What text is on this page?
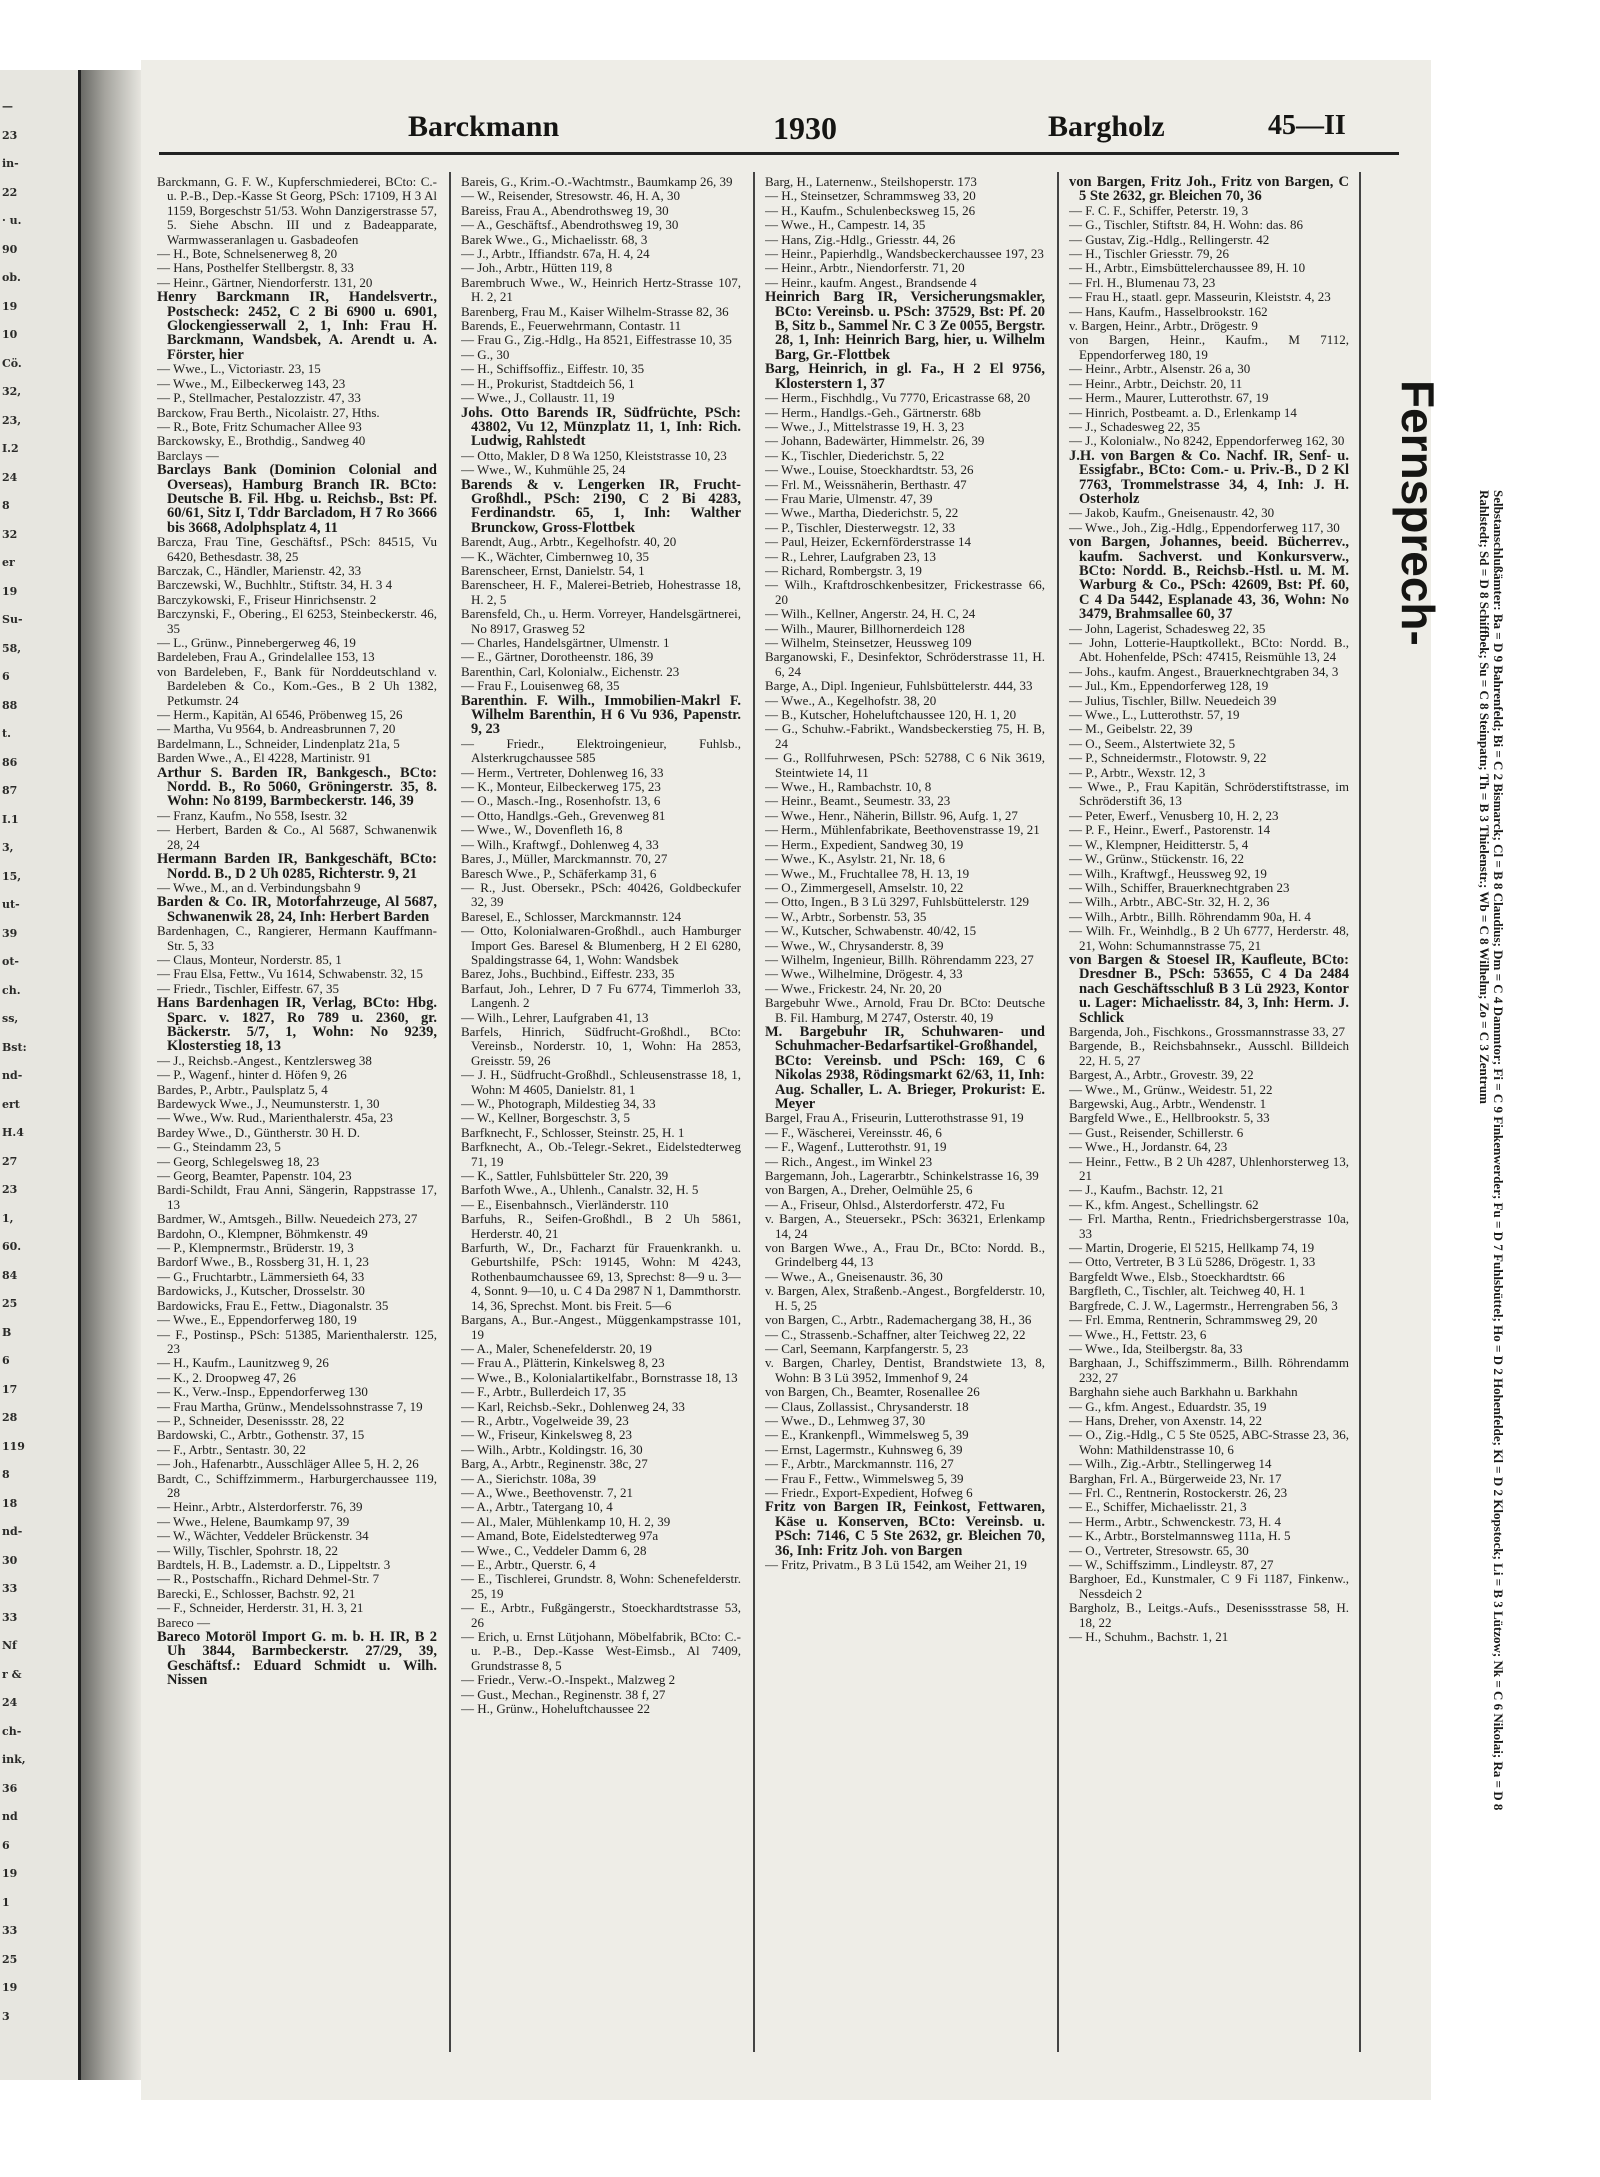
—
23
in-
22
· u.
90
ob.
19
10
Cö.
32,
23,
I.2
24
8
32
er
19
Su-
58,
6
88
t.
86
87
I.1
3,
15,
ut-
39
ot-
ch.
ss,
Bst:
nd-
ert
H.4
27
23
1,
60.
84
25
B
6
17
28
119
8
18
nd-
30
33
33
Nf
r &
24
ch-
ink,
36
nd
6
19
1
33
25
19
3
Barckmann	1930	Bargholz	45—II

Barckmann, G. F. W., Kupferschmiederei, BCto: C.- u. P.-B., Dep.-Kasse St Georg, PSch: 17109, H 3 Al 1159, Borgeschstr 51/53. Wohn Danzigerstrasse 57, 5. Siehe Abschn. III und z Badeapparate, Warmwasseranlagen u. Gasbadeofen

— H., Bote, Schnelsenerweg 8, 20

— Hans, Posthelfer Stellbergstr. 8, 33

— Heinr., Gärtner, Niendorferstr. 131, 20

Henry Barckmann IR, Handelsvertr., Postscheck: 2452, C 2 Bi 6900 u. 6901, Glockengiesserwall 2, 1, Inh: Frau H. Barckmann, Wandsbek, A. Arendt u. A. Förster, hier

— Wwe., L., Victoriastr. 23, 15

— Wwe., M., Eilbeckerweg 143, 23

— P., Stellmacher, Pestalozzistr. 47, 33

Barckow, Frau Berth., Nicolaistr. 27, Hths.

— R., Bote, Fritz Schumacher Allee 93

Barckowsky, E., Brothdig., Sandweg 40

Barclays —

Barclays Bank (Dominion Colonial and Overseas), Hamburg Branch IR. BCto: Deutsche B. Fil. Hbg. u. Reichsb., Bst: Pf. 60/61, Sitz I, Tddr Barcladom, H 7 Ro 3666 bis 3668, Adolphsplatz 4, 11

Barcza, Frau Tine, Geschäftsf., PSch: 84515, Vu 6420, Bethesdastr. 38, 25

Barczak, C., Händler, Marienstr. 42, 33

Barczewski, W., Buchhltr., Stiftstr. 34, H. 3 4

Barczykowski, F., Friseur Hinrichsenstr. 2

Barczynski, F., Obering., El 6253, Steinbeckerstr. 46, 35

— L., Grünw., Pinnebergerweg 46, 19

Bardeleben, Frau A., Grindelallee 153, 13

von Bardeleben, F., Bank für Norddeutschland v. Bardeleben & Co., Kom.-Ges., B 2 Uh 1382, Petkumstr. 24

— Herm., Kapitän, Al 6546, Pröbenweg 15, 26

— Martha, Vu 9564, b. Andreasbrunnen 7, 20

Bardelmann, L., Schneider, Lindenplatz 21a, 5

Barden Wwe., A., El 4228, Martinistr. 91

Arthur S. Barden IR, Bankgesch., BCto: Nordd. B., Ro 5060, Gröningerstr. 35, 8. Wohn: No 8199, Barmbeckerstr. 146, 39

— Franz, Kaufm., No 558, Isestr. 32

— Herbert, Barden & Co., Al 5687, Schwanenwik 28, 24

Hermann Barden IR, Bankgeschäft, BCto: Nordd. B., D 2 Uh 0285, Richterstr. 9, 21

— Wwe., M., an d. Verbindungsbahn 9

Barden & Co. IR, Motorfahrzeuge, Al 5687, Schwanenwik 28, 24, Inh: Herbert Barden

Bardenhagen, C., Rangierer, Hermann Kauffmann-Str. 5, 33

— Claus, Monteur, Norderstr. 85, 1

— Frau Elsa, Fettw., Vu 1614, Schwabenstr. 32, 15

— Friedr., Tischler, Eiffestr. 67, 35

Hans Bardenhagen IR, Verlag, BCto: Hbg. Sparc. v. 1827, Ro 789 u. 2360, gr. Bäckerstr. 5/7, 1, Wohn: No 9239, Klosterstieg 18, 13

— J., Reichsb.-Angest., Kentzlersweg 38

— P., Wagenf., hinter d. Höfen 9, 26

Bardes, P., Arbtr., Paulsplatz 5, 4

Bardewyck Wwe., J., Neumunsterstr. 1, 30

— Wwe., Ww. Rud., Marienthalerstr. 45a, 23

Bardey Wwe., D., Güntherstr. 30 H. D.

— G., Steindamm 23, 5

— Georg, Schlegelsweg 18, 23

— Georg, Beamter, Papenstr. 104, 23

Bardi-Schildt, Frau Anni, Sängerin, Rappstrasse 17, 13

Bardmer, W., Amtsgeh., Billw. Neuedeich 273, 27

Bardohn, O., Klempner, Böhmkenstr. 49

— P., Klempnermstr., Brüderstr. 19, 3

Bardorf Wwe., B., Rossberg 31, H. 1, 23

— G., Fruchtarbtr., Lämmersieth 64, 33

Bardowicks, J., Kutscher, Drosselstr. 30

Bardowicks, Frau E., Fettw., Diagonalstr. 35

— Wwe., E., Eppendorferweg 180, 19

— F., Postinsp., PSch: 51385, Marienthalerstr. 125, 23

— H., Kaufm., Launitzweg 9, 26

— K., 2. Droopweg 47, 26

— K., Verw.-Insp., Eppendorferweg 130

— Frau Martha, Grünw., Mendelssohnstrasse 7, 19

— P., Schneider, Desenissstr. 28, 22

Bardowski, C., Arbtr., Gothenstr. 37, 15

— F., Arbtr., Sentastr. 30, 22

— Joh., Hafenarbtr., Ausschläger Allee 5, H. 2, 26

Bardt, C., Schiffzimmerm., Harburgerchaussee 119, 28

— Heinr., Arbtr., Alsterdorferstr. 76, 39

— Wwe., Helene, Baumkamp 97, 39

— W., Wächter, Veddeler Brückenstr. 34

— Willy, Tischler, Spohrstr. 18, 22

Bardtels, H. B., Lademstr. a. D., Lippeltstr. 3

— R., Postschaffn., Richard Dehmel-Str. 7

Barecki, E., Schlosser, Bachstr. 92, 21

— F., Schneider, Herderstr. 31, H. 3, 21

Bareco —

Bareco Motoröl Import G. m. b. H. IR, B 2 Uh 3844, Barmbeckerstr. 27/29, 39, Geschäftsf.: Eduard Schmidt u. Wilh. Nissen

Bareis, G., Krim.-O.-Wachtmstr., Baumkamp 26, 39

— W., Reisender, Stresowstr. 46, H. A, 30

Bareiss, Frau A., Abendrothsweg 19, 30

— A., Geschäftsf., Abendrothsweg 19, 30

Barek Wwe., G., Michaelisstr. 68, 3

— J., Arbtr., Iffiandstr. 67a, H. 4, 24

— Joh., Arbtr., Hütten 119, 8

Barembruch Wwe., W., Heinrich Hertz-Strasse 107, H. 2, 21

Barenberg, Frau M., Kaiser Wilhelm-Strasse 82, 36

Barends, E., Feuerwehrmann, Contastr. 11

— Frau G., Zig.-Hdlg., Ha 8521, Eiffestrasse 10, 35

— G., 30

— H., Schiffsoffiz., Eiffestr. 10, 35

— H., Prokurist, Stadtdeich 56, 1

— Wwe., J., Collaustr. 11, 19

Johs. Otto Barends IR, Südfrüchte, PSch: 43802, Vu 12, Münzplatz 11, 1, Inh: Rich. Ludwig, Rahlstedt

— Otto, Makler, D 8 Wa 1250, Kleiststrasse 10, 23

— Wwe., W., Kuhmühle 25, 24

Barends & v. Lengerken IR, Frucht-Großhdl., PSch: 2190, C 2 Bi 4283, Ferdinandstr. 65, 1, Inh: Walther Brunckow, Gross-Flottbek

Barendt, Aug., Arbtr., Kegelhofstr. 40, 20

— K., Wächter, Cimbernweg 10, 35

Barenscheer, Ernst, Danielstr. 54, 1

Barenscheer, H. F., Malerei-Betrieb, Hohestrasse 18, H. 2, 5

Barensfeld, Ch., u. Herm. Vorreyer, Handelsgärtnerei, No 8917, Grasweg 52

— Charles, Handelsgärtner, Ulmenstr. 1

— E., Gärtner, Dorotheenstr. 186, 39

Barenthin, Carl, Kolonialw., Eichenstr. 23

— Frau F., Louisenweg 68, 35

Barenthin. F. Wilh., Immobilien-Makrl F. Wilhelm Barenthin, H 6 Vu 936, Papenstr. 9, 23

— Friedr., Elektroingenieur, Fuhlsb., Alsterkrugchaussee 585

— Herm., Vertreter, Dohlenweg 16, 33

— K., Monteur, Eilbeckerweg 175, 23

— O., Masch.-Ing., Rosenhofstr. 13, 6

— Otto, Handlgs.-Geh., Grevenweg 81

— Wwe., W., Dovenfleth 16, 8

— Wilh., Kraftwgf., Dohlenweg 4, 33

Bares, J., Müller, Marckmannstr. 70, 27

Baresch Wwe., P., Schäferkamp 31, 6

— R., Just. Obersekr., PSch: 40426, Goldbeckufer 32, 39

Baresel, E., Schlosser, Marckmannstr. 124

— Otto, Kolonialwaren-Großhdl., auch Hamburger Import Ges. Baresel & Blumenberg, H 2 El 6280, Spaldingstrasse 64, 1, Wohn: Wandsbek

Barez, Johs., Buchbind., Eiffestr. 233, 35

Barfaut, Joh., Lehrer, D 7 Fu 6774, Timmerloh 33, Langenh. 2

— Wilh., Lehrer, Laufgraben 41, 13

Barfels, Hinrich, Südfrucht-Großhdl., BCto: Vereinsb., Norderstr. 10, 1, Wohn: Ha 2853, Greisstr. 59, 26

— J. H., Südfrucht-Großhdl., Schleusenstrasse 18, 1, Wohn: M 4605, Danielstr. 81, 1

— W., Photograph, Mildestieg 34, 33

— W., Kellner, Borgeschstr. 3, 5

Barfknecht, F., Schlosser, Steinstr. 25, H. 1

Barfknecht, A., Ob.-Telegr.-Sekret., Eidelstedterweg 71, 19

— K., Sattler, Fuhlsbütteler Str. 220, 39

Barfoth Wwe., A., Uhlenh., Canalstr. 32, H. 5

— E., Eisenbahnsch., Vierländerstr. 110

Barfuhs, R., Seifen-Großhdl., B 2 Uh 5861, Herderstr. 40, 21

Barfurth, W., Dr., Facharzt für Frauenkrankh. u. Geburtshilfe, PSch: 19145, Wohn: M 4243, Rothenbaumchaussee 69, 13, Sprechst: 8—9 u. 3—4, Sonnt. 9—10, u. C 4 Da 2987 N 1, Dammthorstr. 14, 36, Sprechst. Mont. bis Freit. 5—6

Bargans, A., Bur.-Angest., Müggenkampstrasse 101, 19

— A., Maler, Schenefelderstr. 20, 19

— Frau A., Plätterin, Kinkelsweg 8, 23

— Wwe., B., Kolonialartikelfabr., Bornstrasse 18, 13

— F., Arbtr., Bullerdeich 17, 35

— Karl, Reichsb.-Sekr., Dohlenweg 24, 33

— R., Arbtr., Vogelweide 39, 23

— W., Friseur, Kinkelsweg 8, 23

— Wilh., Arbtr., Koldingstr. 16, 30

Barg, A., Arbtr., Reginenstr. 38c, 27

— A., Sierichstr. 108a, 39

— A., Wwe., Beethovenstr. 7, 21

— A., Arbtr., Tatergang 10, 4

— Al., Maler, Mühlenkamp 10, H. 2, 39

— Amand, Bote, Eidelstedterweg 97a

— Wwe., C., Veddeler Damm 6, 28

— E., Arbtr., Querstr. 6, 4

— E., Tischlerei, Grundstr. 8, Wohn: Schenefelderstr. 25, 19

— E., Arbtr., Fußgängerstr., Stoeckhardtstrasse 53, 26

— Erich, u. Ernst Lütjohann, Möbelfabrik, BCto: C.- u. P.-B., Dep.-Kasse West-Eimsb., Al 7409, Grundstrasse 8, 5

— Friedr., Verw.-O.-Inspekt., Malzweg 2

— Gust., Mechan., Reginenstr. 38 f, 27

— H., Grünw., Hoheluftchaussee 22

Barg, H., Laternenw., Steilshoperstr. 173

— H., Steinsetzer, Schrammsweg 33, 20

— H., Kaufm., Schulenbecksweg 15, 26

— Wwe., H., Campestr. 14, 35

— Hans, Zig.-Hdlg., Griesstr. 44, 26

— Heinr., Papierhdlg., Wandsbeckerchaussee 197, 23

— Heinr., Arbtr., Niendorferstr. 71, 20

— Heinr., kaufm. Angest., Brandsende 4

Heinrich Barg IR, Versicherungsmakler, BCto: Vereinsb. u. PSch: 37529, Bst: Pf. 20 B, Sitz b., Sammel Nr. C 3 Ze 0055, Bergstr. 28, 1, Inh: Heinrich Barg, hier, u. Wilhelm Barg, Gr.-Flottbek

Barg, Heinrich, in gl. Fa., H 2 El 9756, Klosterstern 1, 37

— Herm., Fischhdlg., Vu 7770, Ericastrasse 68, 20

— Herm., Handlgs.-Geh., Gärtnerstr. 68b

— Wwe., J., Mittelstrasse 19, H. 3, 23

— Johann, Badewärter, Himmelstr. 26, 39

— K., Tischler, Diederichstr. 5, 22

— Wwe., Louise, Stoeckhardtstr. 53, 26

— Frl. M., Weissnäherin, Berthastr. 47

— Frau Marie, Ulmenstr. 47, 39

— Wwe., Martha, Diederichstr. 5, 22

— P., Tischler, Diesterwegstr. 12, 33

— Paul, Heizer, Eckernförderstrasse 14

— R., Lehrer, Laufgraben 23, 13

— Richard, Rombergstr. 3, 19

— Wilh., Kraftdroschkenbesitzer, Frickestrasse 66, 20

— Wilh., Kellner, Angerstr. 24, H. C, 24

— Wilh., Maurer, Billhornerdeich 128

— Wilhelm, Steinsetzer, Heussweg 109

Barganowski, F., Desinfektor, Schröderstrasse 11, H. 6, 24

Barge, A., Dipl. Ingenieur, Fuhlsbüttelerstr. 444, 33

— Wwe., A., Kegelhofstr. 38, 20

— B., Kutscher, Hoheluftchaussee 120, H. 1, 20

— G., Schuhw.-Fabrikt., Wandsbeckerstieg 75, H. B, 24

— G., Rollfuhrwesen, PSch: 52788, C 6 Nik 3619, Steintwiete 14, 11

— Wwe., H., Rambachstr. 10, 8

— Heinr., Beamt., Seumestr. 33, 23

— Wwe., Henr., Näherin, Billstr. 96, Aufg. 1, 27

— Herm., Mühlenfabrikate, Beethovenstrasse 19, 21

— Herm., Expedient, Sandweg 30, 19

— Wwe., K., Asylstr. 21, Nr. 18, 6

— Wwe., M., Fruchtallee 78, H. 13, 19

— O., Zimmergesell, Amselstr. 10, 22

— Otto, Ingen., B 3 Lü 3297, Fuhlsbüttelerstr. 129

— W., Arbtr., Sorbenstr. 53, 35

— W., Kutscher, Schwabenstr. 40/42, 15

— Wwe., W., Chrysanderstr. 8, 39

— Wilhelm, Ingenieur, Billh. Röhrendamm 223, 27

— Wwe., Wilhelmine, Drögestr. 4, 33

— Wwe., Frickestr. 24, Nr. 20, 20

Bargebuhr Wwe., Arnold, Frau Dr. BCto: Deutsche B. Fil. Hamburg, M 2747, Osterstr. 40, 19

M. Bargebuhr IR, Schuhwaren- und Schuhmacher-Bedarfsartikel-Großhandel, BCto: Vereinsb. und PSch: 169, C 6 Nikolas 2938, Rödingsmarkt 62/63, 11, Inh: Aug. Schaller, L. A. Brieger, Prokurist: E. Meyer

Bargel, Frau A., Friseurin, Lutterothstrasse 91, 19

— F., Wäscherei, Vereinsstr. 46, 6

— F., Wagenf., Lutterothstr. 91, 19

— Rich., Angest., im Winkel 23

Bargemann, Joh., Lagerarbtr., Schinkelstrasse 16, 39

von Bargen, A., Dreher, Oelmühle 25, 6

— A., Friseur, Ohlsd., Alsterdorferstr. 472, Fu

v. Bargen, A., Steuersekr., PSch: 36321, Erlenkamp 14, 24

von Bargen Wwe., A., Frau Dr., BCto: Nordd. B., Grindelberg 44, 13

— Wwe., A., Gneisenaustr. 36, 30

v. Bargen, Alex, Straßenb.-Angest., Borgfelderstr. 10, H. 5, 25

von Bargen, C., Arbtr., Rademachergang 38, H., 36

— C., Strassenb.-Schaffner, alter Teichweg 22, 22

— Carl, Seemann, Karpfangerstr. 5, 23

v. Bargen, Charley, Dentist, Brandstwiete 13, 8, Wohn: B 3 Lü 3952, Immenhof 9, 24

von Bargen, Ch., Beamter, Rosenallee 26

— Claus, Zollassist., Chrysanderstr. 18

— Wwe., D., Lehmweg 37, 30

— E., Krankenpfl., Wimmelsweg 5, 39

— Ernst, Lagermstr., Kuhnsweg 6, 39

— F., Arbtr., Marckmannstr. 116, 27

— Frau F., Fettw., Wimmelsweg 5, 39

— Friedr., Export-Expedient, Hofweg 6

Fritz von Bargen IR, Feinkost, Fettwaren, Käse u. Konserven, BCto: Vereinsb. u. PSch: 7146, C 5 Ste 2632, gr. Bleichen 70, 36, Inh: Fritz Joh. von Bargen

— Fritz, Privatm., B 3 Lü 1542, am Weiher 21, 19

von Bargen, Fritz Joh., Fritz von Bargen, C 5 Ste 2632, gr. Bleichen 70, 36

— F. C. F., Schiffer, Peterstr. 19, 3

— G., Tischler, Stiftstr. 84, H. Wohn: das. 86

— Gustav, Zig.-Hdlg., Rellingerstr. 42

— H., Tischler Griesstr. 79, 26

— H., Arbtr., Eimsbüttelerchaussee 89, H. 10

— Frl. H., Blumenau 73, 23

— Frau H., staatl. gepr. Masseurin, Kleiststr. 4, 23

— Hans, Kaufm., Hasselbrookstr. 162

v. Bargen, Heinr., Arbtr., Drögestr. 9

von Bargen, Heinr., Kaufm., M 7112, Eppendorferweg 180, 19

— Heinr., Arbtr., Alsenstr. 26 a, 30

— Heinr., Arbtr., Deichstr. 20, 11

— Herm., Maurer, Lutterothstr. 67, 19

— Hinrich, Postbeamt. a. D., Erlenkamp 14

— J., Schadesweg 22, 35

— J., Kolonialw., No 8242, Eppendorferweg 162, 30

J.H. von Bargen & Co. Nachf. IR, Senf- u. Essigfabr., BCto: Com.- u. Priv.-B., D 2 Kl 7763, Trommelstrasse 34, 4, Inh: J. H. Osterholz

— Jakob, Kaufm., Gneisenaustr. 42, 30

— Wwe., Joh., Zig.-Hdlg., Eppendorferweg 117, 30

von Bargen, Johannes, beeid. Bücherrev., kaufm. Sachverst. und Konkursverw., BCto: Nordd. B., Reichsb.-Hstl. u. M. M. Warburg & Co., PSch: 42609, Bst: Pf. 60, C 4 Da 5442, Esplanade 43, 36, Wohn: No 3479, Brahmsallee 60, 37

— John, Lagerist, Schadesweg 22, 35

— John, Lotterie-Hauptkollekt., BCto: Nordd. B., Abt. Hohenfelde, PSch: 47415, Reismühle 13, 24

— Johs., kaufm. Angest., Brauerknechtgraben 34, 3

— Jul., Km., Eppendorferweg 128, 19

— Julius, Tischler, Billw. Neuedeich 39

— Wwe., L., Lutterothstr. 57, 19

— M., Geibelstr. 22, 39

— O., Seem., Alstertwiete 32, 5

— P., Schneidermstr., Flotowstr. 9, 22

— P., Arbtr., Wexstr. 12, 3

— Wwe., P., Frau Kapitän, Schröderstiftstrasse, im Schröderstift 36, 13

— Peter, Ewerf., Venusberg 10, H. 2, 23

— P. F., Heinr., Ewerf., Pastorenstr. 14

— W., Klempner, Heiditterstr. 5, 4

— W., Grünw., Stückenstr. 16, 22

— Wilh., Kraftwgf., Heussweg 92, 19

— Wilh., Schiffer, Brauerknechtgraben 23

— Wilh., Arbtr., ABC-Str. 32, H. 2, 36

— Wilh., Arbtr., Billh. Röhrendamm 90a, H. 4

— Wilh. Fr., Weinhdlg., B 2 Uh 6777, Herderstr. 48, 21, Wohn: Schumannstrasse 75, 21

von Bargen & Stoesel IR, Kaufleute, BCto: Dresdner B., PSch: 53655, C 4 Da 2484 nach Geschäftsschluß B 3 Lü 2923, Kontor u. Lager: Michaelisstr. 84, 3, Inh: Herm. J. Schlick

Bargenda, Joh., Fischkons., Grossmannstrasse 33, 27

Bargende, B., Reichsbahnsekr., Ausschl. Billdeich 22, H. 5, 27

Bargest, A., Arbtr., Grovestr. 39, 22

— Wwe., M., Grünw., Weidestr. 51, 22

Bargewski, Aug., Arbtr., Wendenstr. 1

Bargfeld Wwe., E., Hellbrookstr. 5, 33

— Gust., Reisender, Schillerstr. 6

— Wwe., H., Jordanstr. 64, 23

— Heinr., Fettw., B 2 Uh 4287, Uhlenhorsterweg 13, 21

— J., Kaufm., Bachstr. 12, 21

— K., kfm. Angest., Schellingstr. 62

— Frl. Martha, Rentn., Friedrichsbergerstrasse 10a, 33

— Martin, Drogerie, El 5215, Hellkamp 74, 19

— Otto, Vertreter, B 3 Lü 5286, Drögestr. 1, 33

Bargfeldt Wwe., Elsb., Stoeckhardtstr. 66

Bargfleth, C., Tischler, alt. Teichweg 40, H. 1

Bargfrede, C. J. W., Lagermstr., Herrengraben 56, 3

— Frl. Emma, Rentnerin, Schrammsweg 29, 20

— Wwe., H., Fettstr. 23, 6

— Wwe., Ida, Steilbergstr. 8a, 33

Barghaan, J., Schiffszimmerm., Billh. Röhrendamm 232, 27

Barghahn siehe auch Barkhahn u. Barkhahn

— G., kfm. Angest., Eduardstr. 35, 19

— Hans, Dreher, von Axenstr. 14, 22

— O., Zig.-Hdlg., C 5 Ste 0525, ABC-Strasse 23, 36, Wohn: Mathildenstrasse 10, 6

— Wilh., Zig.-Arbtr., Stellingerweg 14

Barghan, Frl. A., Bürgerweide 23, Nr. 17

— Frl. C., Rentnerin, Rostockerstr. 26, 23

— E., Schiffer, Michaelisstr. 21, 3

— Herm., Arbtr., Schwenckestr. 73, H. 4

— K., Arbtr., Borstelmannsweg 111a, H. 5

— O., Vertreter, Stresowstr. 65, 30

— W., Schiffszimm., Lindleystr. 87, 27

Barghoer, Ed., Kunstmaler, C 9 Fi 1187, Finkenw., Nessdeich 2

Bargholz, B., Leitgs.-Aufs., Desenissstrasse 58, H. 18, 22

— H., Schuhm., Bachstr. 1, 21

Fernsprech-	Selbstanschlußämter: Ba = D 9 Bahrenfeld; Bi = C 2 Bismarck; Cl = B 8 Claudius; Dm = C 4 Dammtor; Fi = C 9 Finkenwerder; Fu = D 7 Fuhlsbüttel; Ho = D 2 Hohenfelde; Kl = D 2 Klopstock; Li = B 3 Lützow; Nk = C 6 Nikolai; Ra = D 8 Rahlstedt; Sd = D 8 Schiffbek; Su = C 8 Steinpatn; Th = B 3 Thielenstr.; Wb = C 8 Wilhelm; Zo = C 3 Zentrum
